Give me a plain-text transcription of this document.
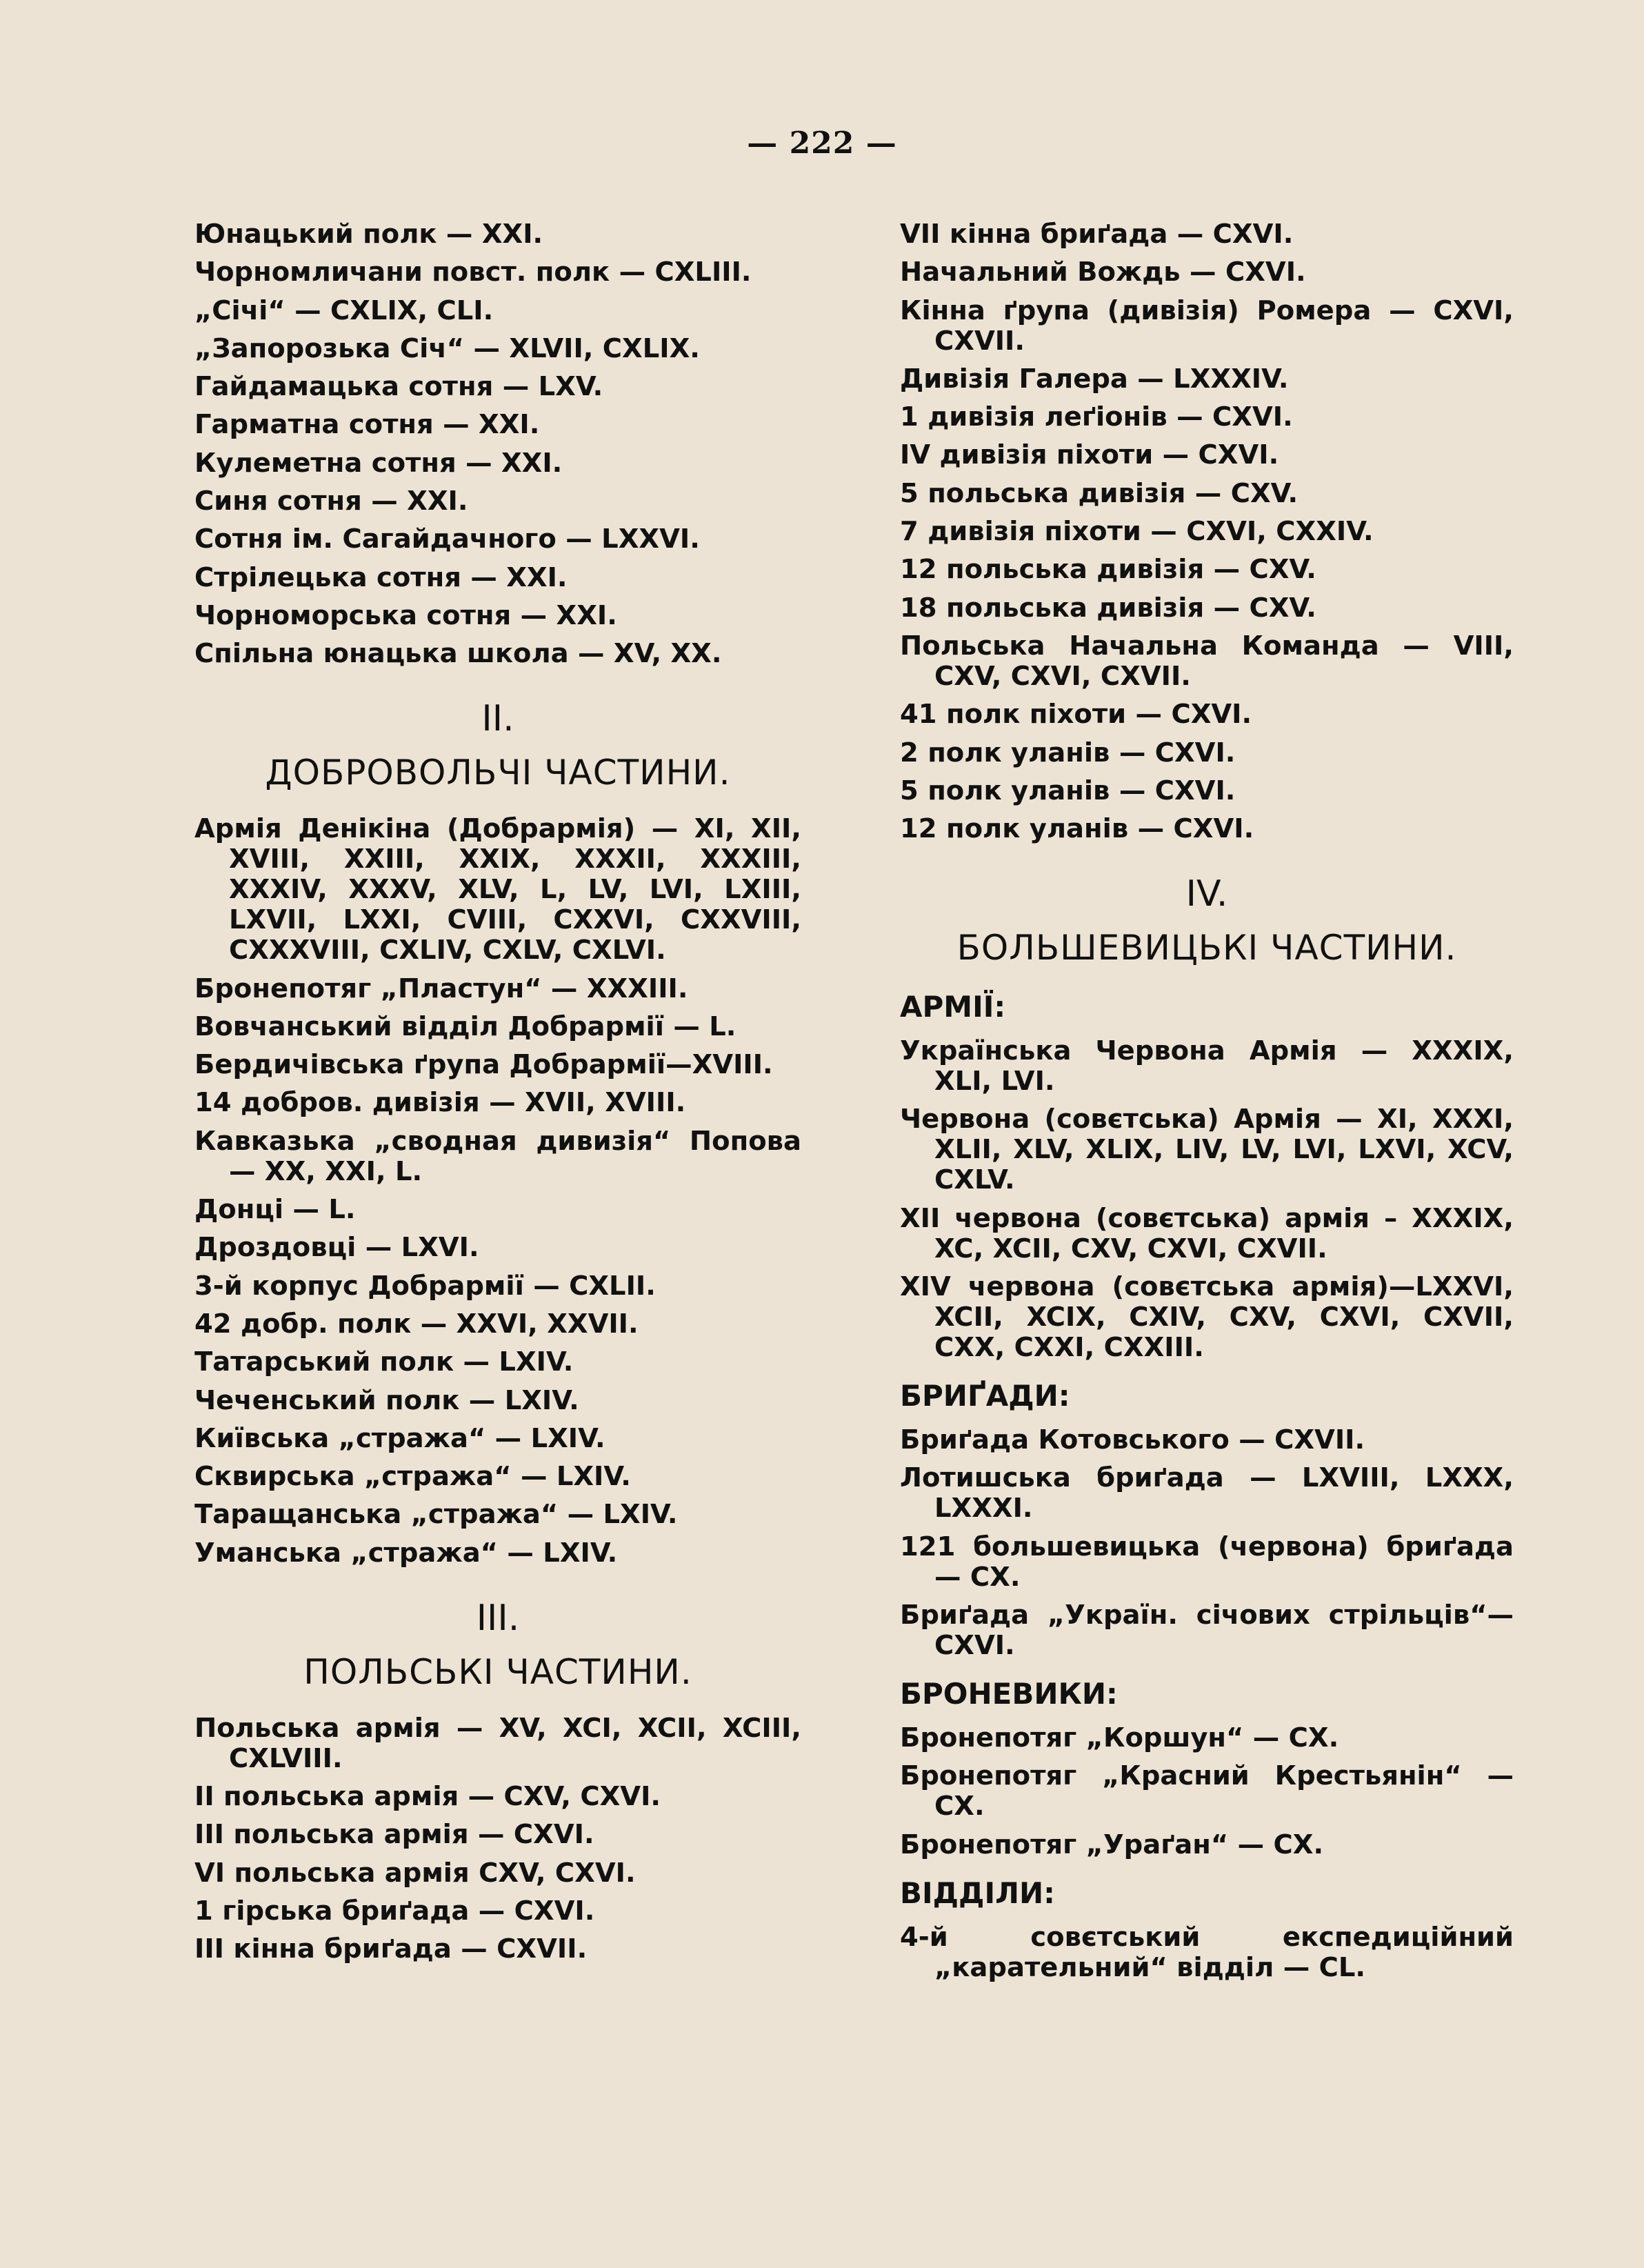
— 222 —
Юнацький полк — XXI.
Чорномличани повст. полк — CXLIII.
„Січі“ — CXLIX, CLI.
„Запорозька Січ“ — XLVII, CXLIX.
Гайдамацька сотня — LXV.
Гарматна сотня — XXI.
Кулеметна сотня — XXI.
Синя сотня — XXI.
Сотня ім. Сагайдачного — LXXVI.
Стрілецька сотня — XXI.
Чорноморська сотня — XXI.
Спільна юнацька школа — XV, XX.
II.
ДОБРОВОЛЬЧІ ЧАСТИНИ.
Армія Денікіна (Добрармія) — XI, XII, XVIII, XXIII, XXIX, XXXII, XXXIII, XXXIV, XXXV, XLV, L, LV, LVI, LXIII, LXVII, LXXI, CVIII, CXXVI, CXXVIII, CXXXVIII, CXLIV, CXLV, CXLVI.
Бронепотяг „Пластун“ — XXXIII.
Вовчанський відділ Добрармії — L.
Бердичівська ґрупа Добрармії—XVIII.
14 добров. дивізія — XVII, XVIII.
Кавказька „сводная дивизія“ Попова — XX, XXI, L.
Донці — L.
Дроздовці — LXVI.
3-й корпус Добрармії — CXLII.
42 добр. полк — XXVI, XXVII.
Татарський полк — LXIV.
Чеченський полк — LXIV.
Київська „стража“ — LXIV.
Сквирська „стража“ — LXIV.
Таращанська „стража“ — LXIV.
Уманська „стража“ — LXIV.
III.
ПОЛЬСЬКІ ЧАСТИНИ.
Польська армія — XV, XCI, XCII, XCIII, CXLVIII.
II польська армія — CXV, CXVI.
III польська армія — CXVI.
VI польська армія CXV, CXVI.
1 гірська бриґада — CXVI.
III кінна бриґада — CXVII.
VII кінна бриґада — CXVI.
Начальний Вождь — CXVI.
Кінна ґрупа (дивізія) Ромера — CXVI, CXVII.
Дивізія Галера — LXXXIV.
1 дивізія леґіонів — CXVI.
IV дивізія піхоти — CXVI.
5 польська дивізія — CXV.
7 дивізія піхоти — CXVI, CXXIV.
12 польська дивізія — CXV.
18 польська дивізія — CXV.
Польська Начальна Команда — VIII, CXV, CXVI, CXVII.
41 полк піхоти — CXVI.
2 полк уланів — CXVI.
5 полк уланів — CXVI.
12 полк уланів — CXVI.
IV.
БОЛЬШЕВИЦЬКІ ЧАСТИНИ.
АРМІЇ:
Українська Червона Армія — XXXIX, XLI, LVI.
Червона (совєтська) Армія — XI, XXXI, XLII, XLV, XLIX, LIV, LV, LVI, LXVI, XCV, CXLV.
XII червона (совєтська) армія – XXXIX, XC, XCII, CXV, CXVI, CXVII.
XIV червона (совєтська армія)—LXXVI, XCII, XCIX, CXIV, CXV, CXVI, CXVII, CXX, CXXI, CXXIII.
БРИҐАДИ:
Бриґада Котовського — CXVII.
Лотишська бриґада — LXVIII, LXXX, LXXXI.
121 большевицька (червона) бриґада— CX.
Бриґада „Україн. січових стрільців“— CXVI.
БРОНЕВИКИ:
Бронепотяг „Коршун“ — CX.
Бронепотяг „Красний Крестьянін“ — CX.
Бронепотяг „Ураґан“ — CX.
ВІДДІЛИ:
4-й совєтський експедиційний „карательний“ відділ — CL.
